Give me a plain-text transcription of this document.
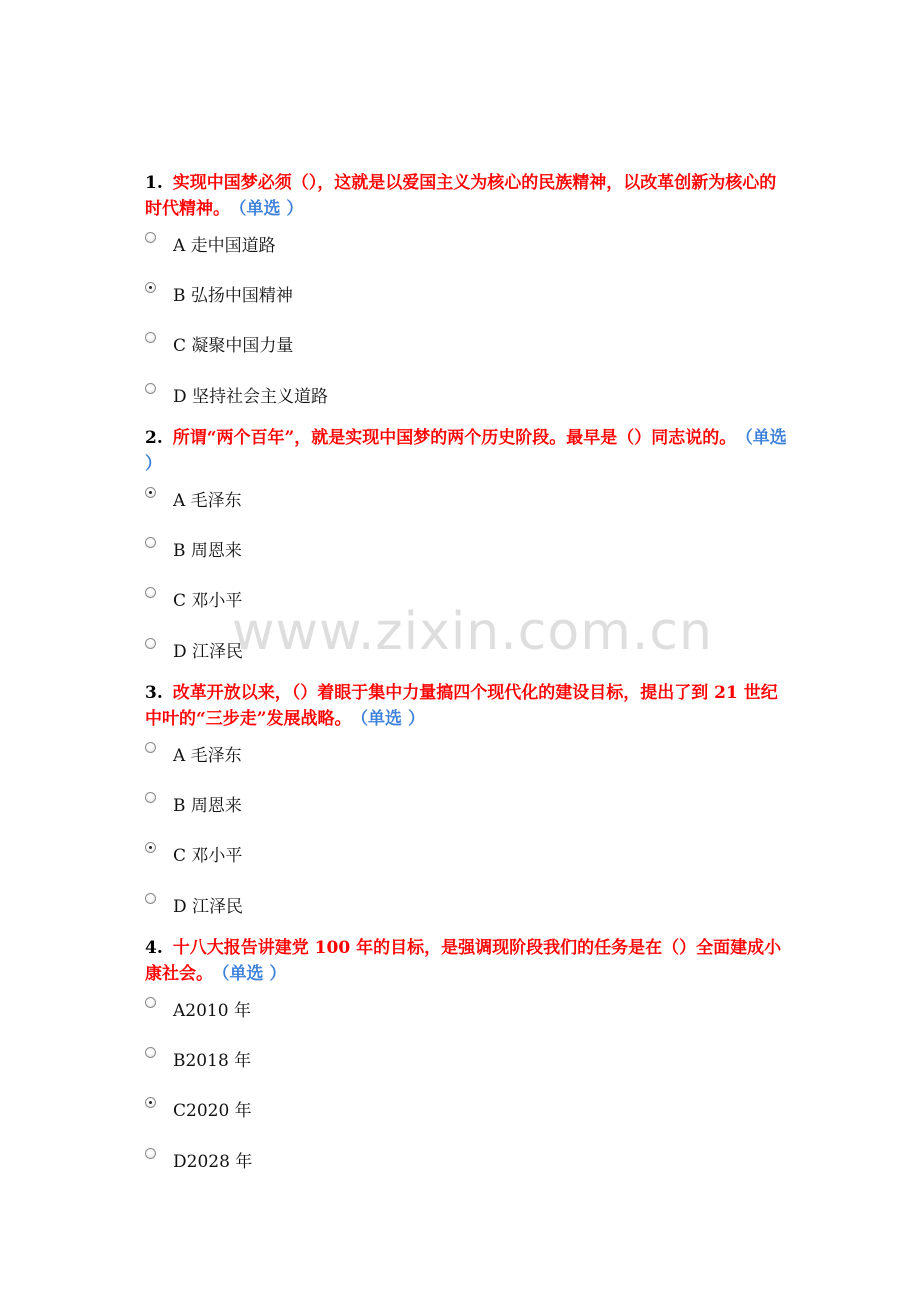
1. 实现中国梦必须（），这就是以爱国主义为核心的民族精神，以改革创新为核心的时代精神。 （单选 ）

A 走中国道路
B 弘扬中国精神
C 凝聚中国力量
D 坚持社会主义道路

2. 所谓“两个百年”，就是实现中国梦的两个历史阶段。最早是（）同志说的。 （单选 ）

A 毛泽东
B 周恩来
C 邓小平
D 江泽民

3. 改革开放以来，（）着眼于集中力量搞四个现代化的建设目标，提出了到 21 世纪中叶的“三步走”发展战略。 （单选 ）

A 毛泽东
B 周恩来
C 邓小平
D 江泽民

4. 十八大报告讲建党 100 年的目标，是强调现阶段我们的任务是在（）全面建成小康社会。 （单选 ）

A2010 年
B2018 年
C2020 年
D2028 年
www.zixin.com.cn
